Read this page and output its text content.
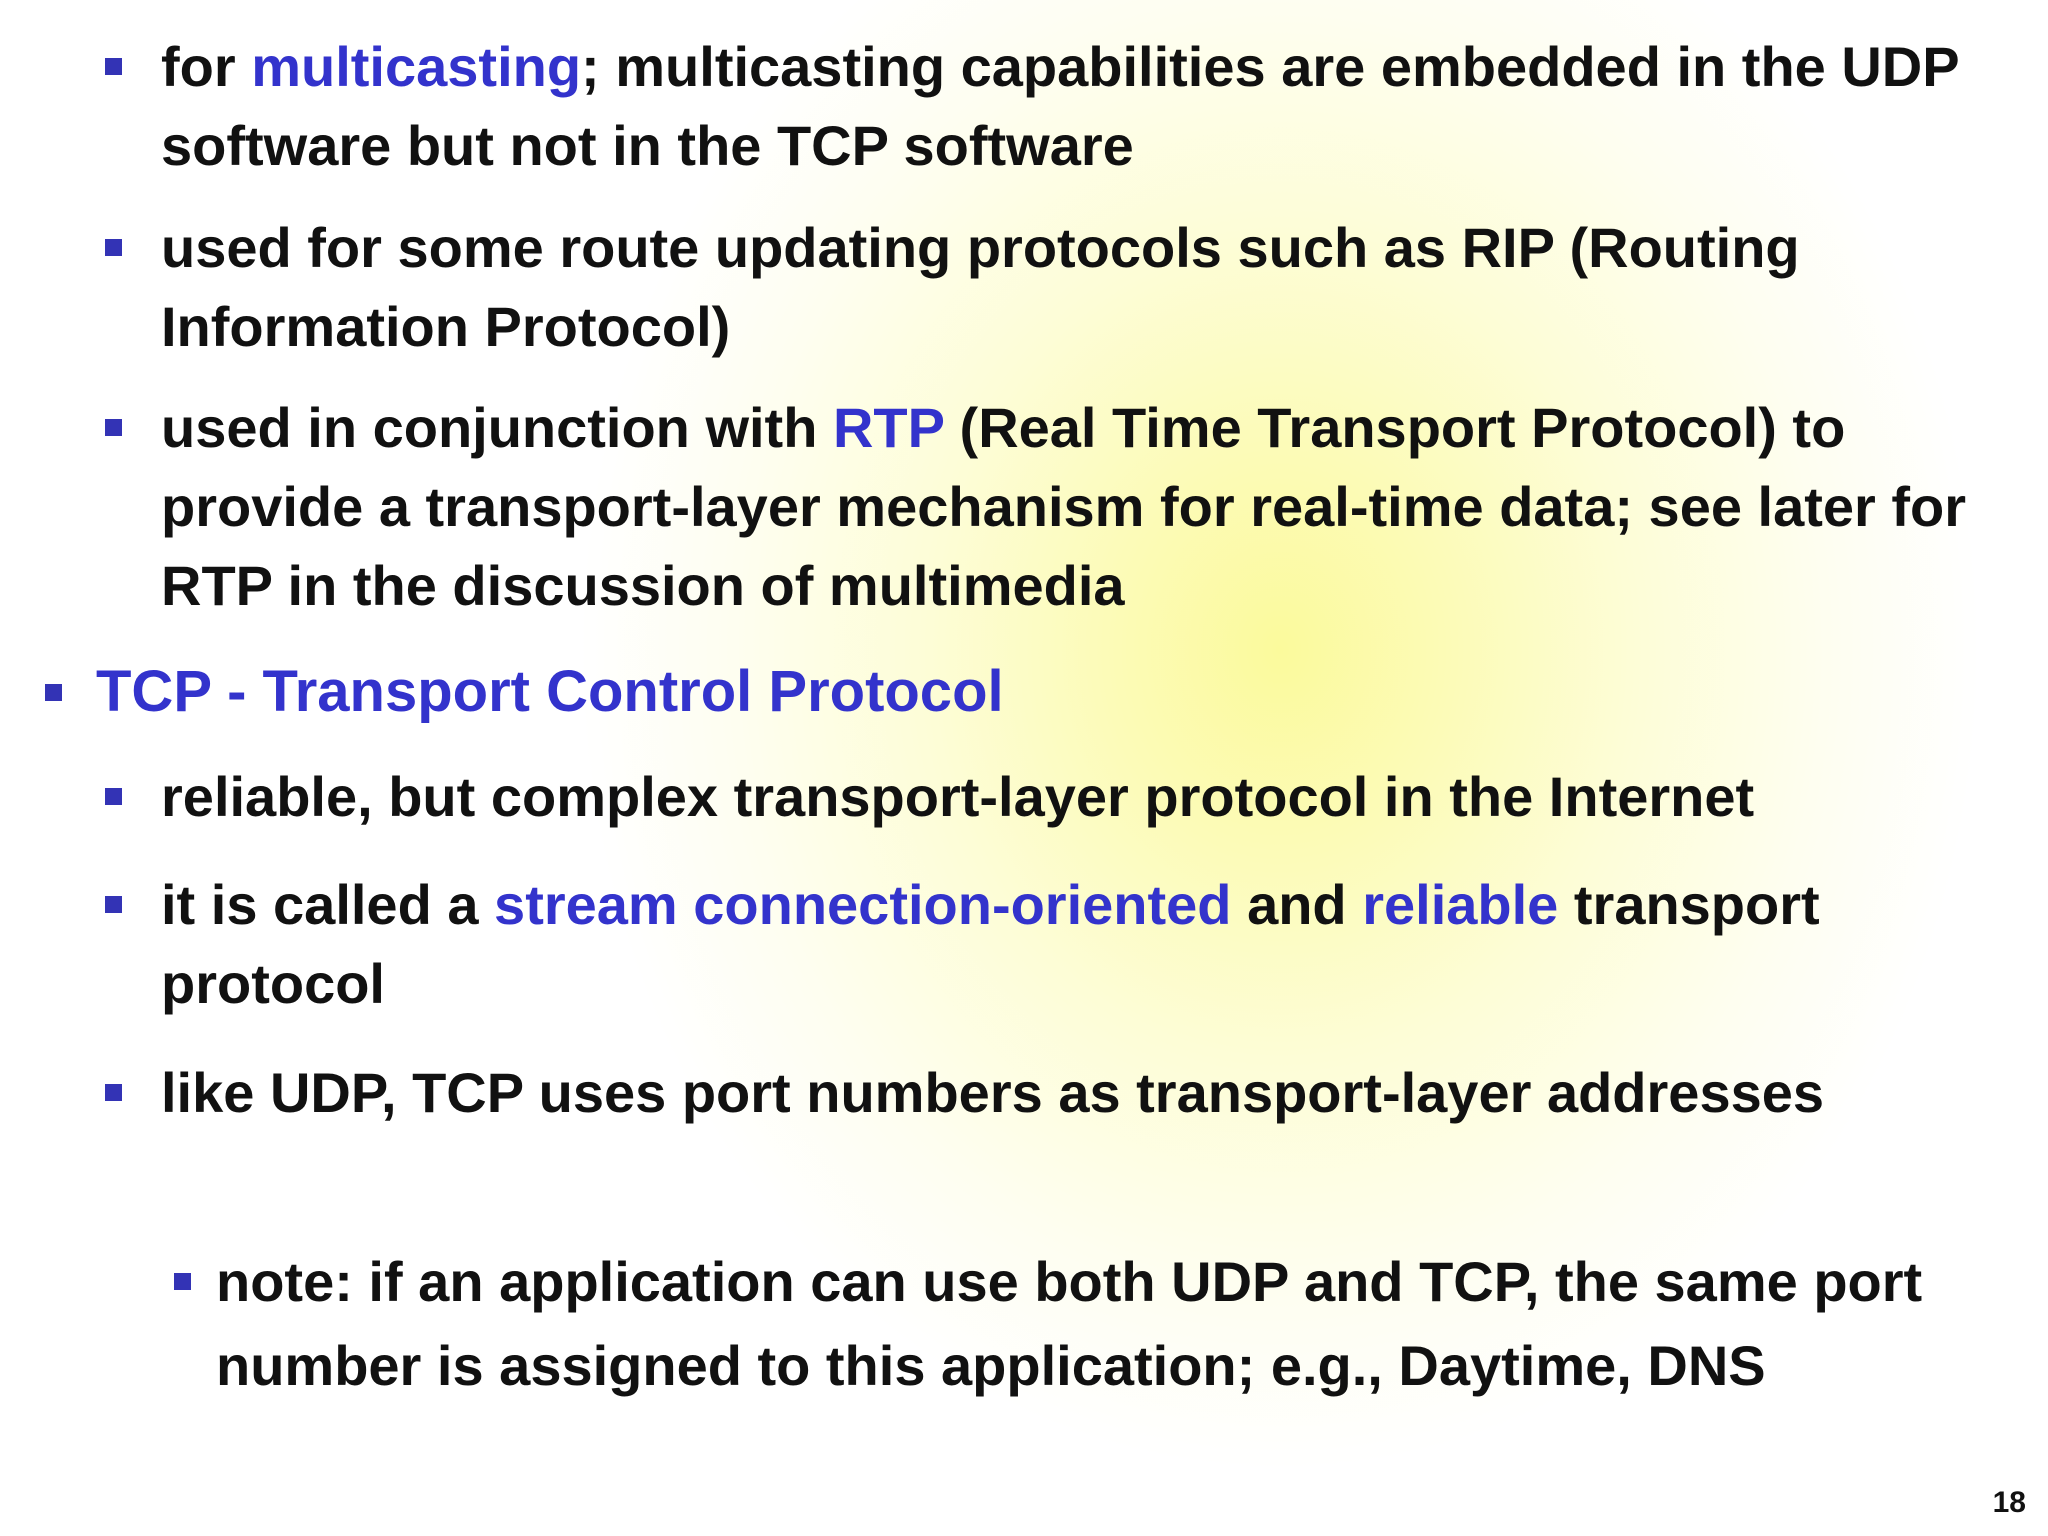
for multicasting; multicasting capabilities are embedded in the UDP software but not in the TCP software
used for some route updating protocols such as RIP (Routing Information Protocol)
used in conjunction with RTP (Real Time Transport Protocol) to provide a transport-layer mechanism for real-time data; see later for RTP in the discussion of multimedia
TCP - Transport Control Protocol
reliable, but complex transport-layer protocol in the Internet
it is called a stream connection-oriented and reliable transport protocol
like UDP, TCP uses port numbers as transport-layer addresses
note: if an application can use both UDP and TCP, the same port number is assigned to this application; e.g., Daytime, DNS
18
